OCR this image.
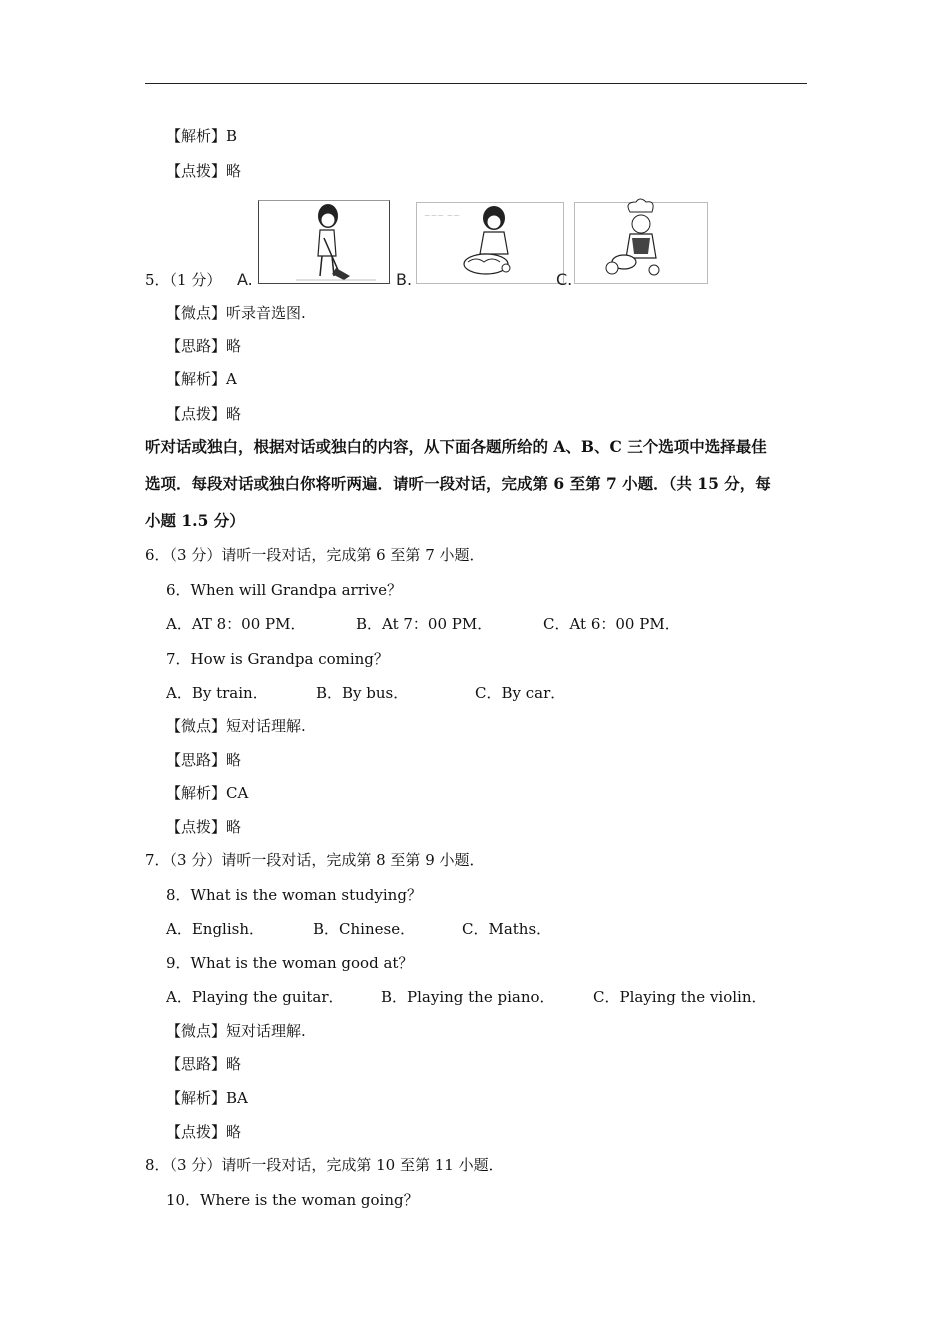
【解析】B
【点拨】略
5．（1 分） A.
~~~ ~~
B.	C.
【微点】听录音选图.
【思路】略
【解析】A
【点拨】略
听对话或独白，根据对话或独白的内容，从下面各题所给的 A、B、C 三个选项中选择最佳
选项．每段对话或独白你将听两遍．请听一段对话，完成第 6 至第 7 小题．（共 15 分，每
小题 1.5 分）
6．（3 分）请听一段对话，完成第 6 至第 7 小题．
6．When will Grandpa arrive？
A．AT 8：00 PM．	B．At 7：00 PM．	C．At 6：00 PM．
7．How is Grandpa coming？
A．By train．	B．By bus．	C．By car．
【微点】短对话理解.
【思路】略
【解析】CA
【点拨】略
7．（3 分）请听一段对话，完成第 8 至第 9 小题．
8．What is the woman studying？
A．English．	B．Chinese．	C．Maths．
9．What is the woman good at？
A．Playing the guitar． B．Playing the piano．	C．Playing the violin．
【微点】短对话理解.
【思路】略
【解析】BA
【点拨】略
8．（3 分）请听一段对话，完成第 10 至第 11 小题．
10．Where is the woman going？
